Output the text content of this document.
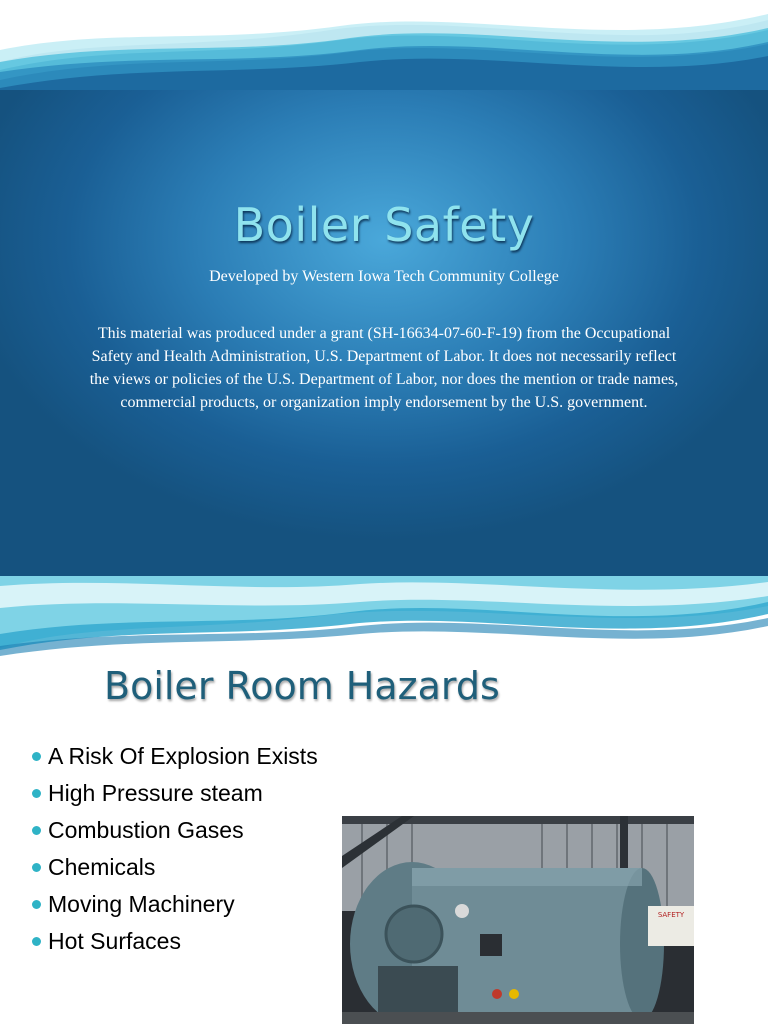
Boiler Safety
Developed by Western Iowa Tech Community College
This material was produced under a grant (SH-16634-07-60-F-19) from the Occupational Safety and Health Administration, U.S. Department of Labor. It does not necessarily reflect the views or policies of the U.S. Department of Labor, nor does the mention or trade names, commercial products, or organization imply endorsement by the U.S. government.
Boiler Room Hazards
A Risk Of Explosion Exists
High Pressure steam
Combustion Gases
Chemicals
Moving Machinery
Hot Surfaces
SAFETY
